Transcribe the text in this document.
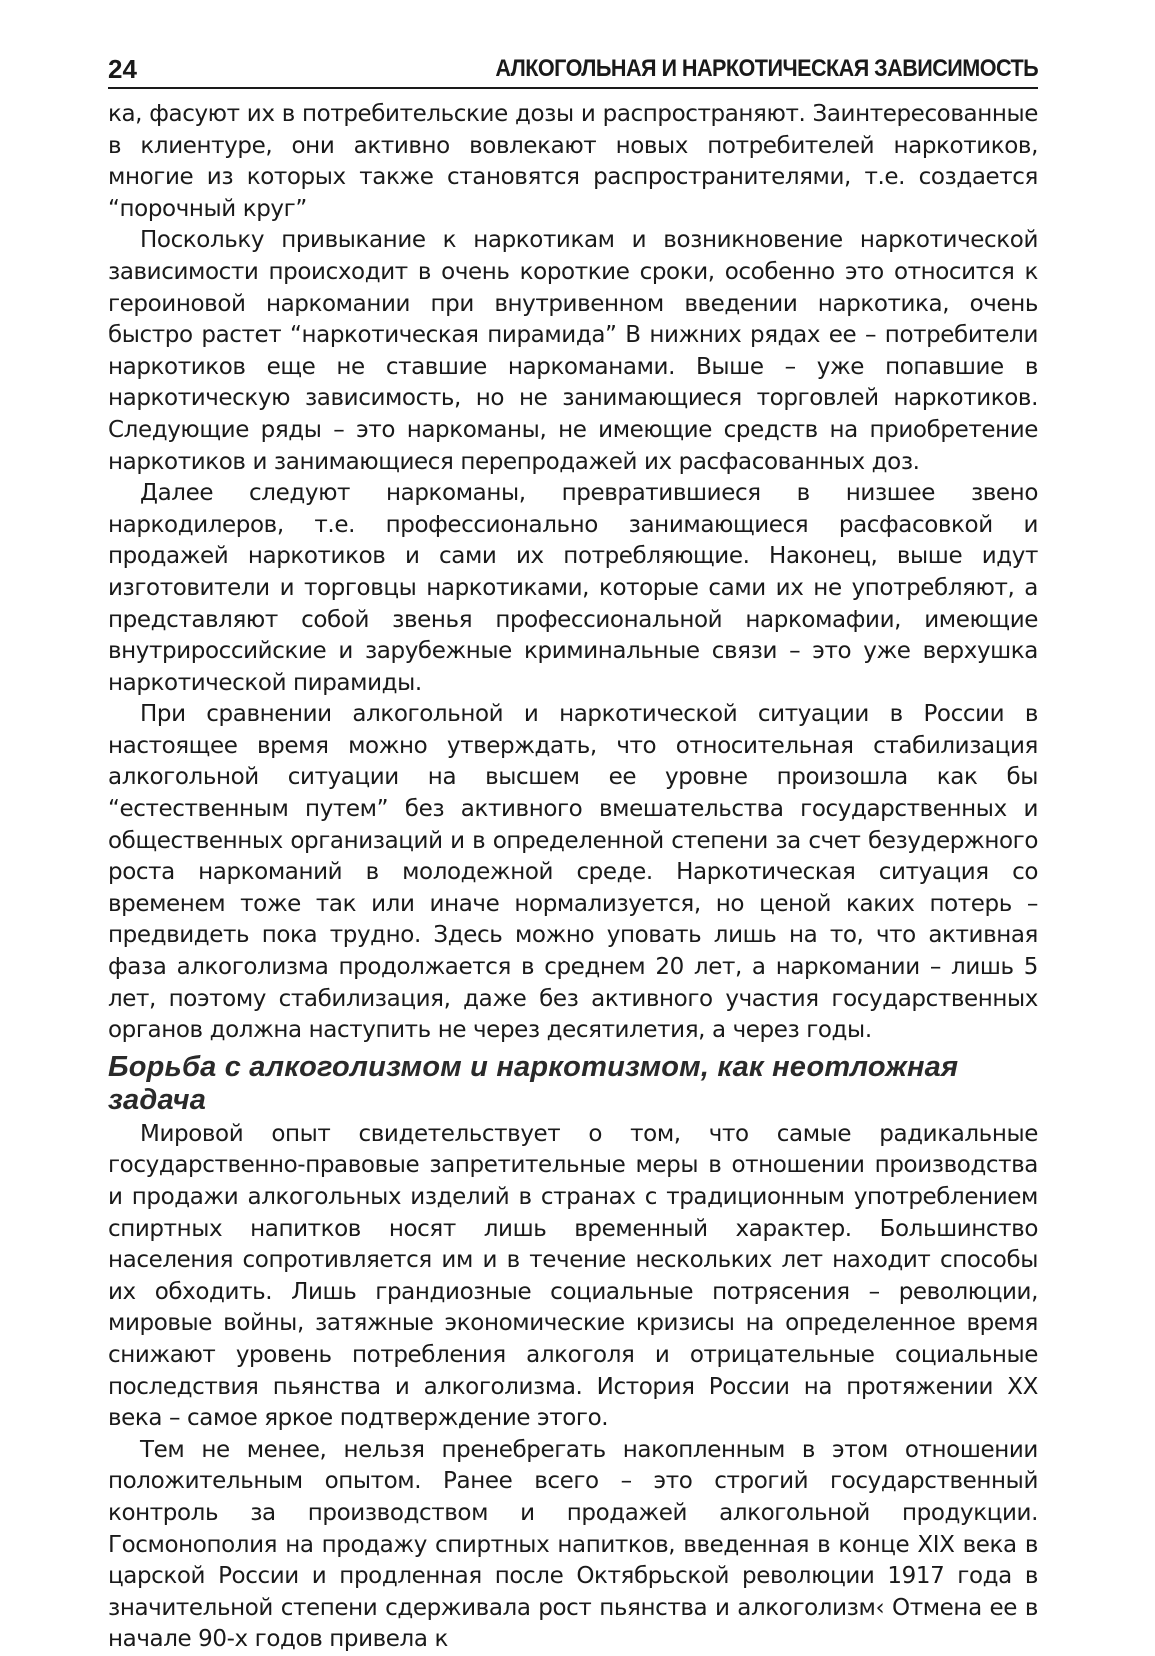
24	АЛКОГОЛЬНАЯ И НАРКОТИЧЕСКАЯ ЗАВИСИМОСТЬ

ка, фасуют их в потребительские дозы и распространяют. Заинтересованные в клиентуре, они активно вовлекают новых потребителей наркотиков, многие из которых также становятся распространителями, т.е. создается “порочный круг”

Поскольку привыкание к наркотикам и возникновение наркотической зависимости происходит в очень короткие сроки, особенно это относится к героиновой наркомании при внутривенном введении наркотика, очень быстро растет “наркотическая пирамида” В нижних рядах ее – потребители наркотиков еще не ставшие наркоманами. Выше – уже попавшие в наркотическую зависимость, но не занимающиеся торговлей наркотиков. Следующие ряды – это наркоманы, не имеющие средств на приобретение наркотиков и занимающиеся перепродажей их расфасованных доз.

Далее следуют наркоманы, превратившиеся в низшее звено наркодилеров, т.е. профессионально занимающиеся расфасовкой и продажей наркотиков и сами их потребляющие. Наконец, выше идут изготовители и торговцы наркотиками, которые сами их не употребляют, а представляют собой звенья профессиональной наркомафии, имеющие внутрироссийские и зарубежные криминальные связи – это уже верхушка наркотической пирамиды.

При сравнении алкогольной и наркотической ситуации в России в настоящее время можно утверждать, что относительная стабилизация алкогольной ситуации на высшем ее уровне произошла как бы “естественным путем” без активного вмешательства государственных и общественных организаций и в определенной степени за счет безудержного роста наркоманий в молодежной среде. Наркотическая ситуация со временем тоже так или иначе нормализуется, но ценой каких потерь – предвидеть пока трудно. Здесь можно уповать лишь на то, что активная фаза алкоголизма продолжается в среднем 20 лет, а наркомании – лишь 5 лет, поэтому стабилизация, даже без активного участия государственных органов должна наступить не через десятилетия, а через годы.

Борьба с алкоголизмом и наркотизмом, как неотложная задача

Мировой опыт свидетельствует о том, что самые радикальные государственно-правовые запретительные меры в отношении производства и продажи алкогольных изделий в странах с традиционным употреблением спиртных напитков носят лишь временный характер. Большинство населения сопротивляется им и в течение нескольких лет находит способы их обходить. Лишь грандиозные социальные потрясения – революции, мировые войны, затяжные экономические кризисы на определенное время снижают уровень потребления алкоголя и отрицательные социальные последствия пьянства и алкоголизма. История России на протяжении XX века – самое яркое подтверждение этого.

Тем не менее, нельзя пренебрегать накопленным в этом отношении положительным опытом. Ранее всего – это строгий государственный контроль за производством и продажей алкогольной продукции. Госмонополия на продажу спиртных напитков, введенная в конце XIX века в царской России и продленная после Октябрьской революции 1917 года в значительной степени сдерживала рост пьянства и алкоголизм‹ Отмена ее в начале 90-х годов привела к
